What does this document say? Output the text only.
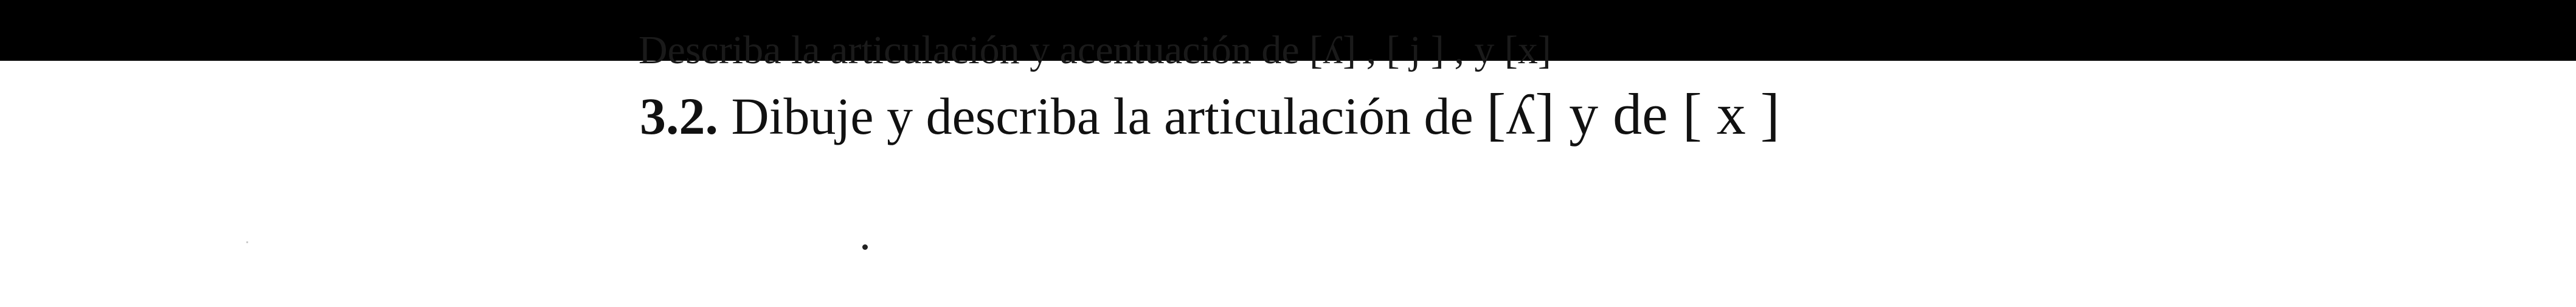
Describa la articulación y acentuación de [ʎ] , [ j ] , y [x]
3.2. Dibuje y describa la articulación de [ʎ] y de [ x ]
